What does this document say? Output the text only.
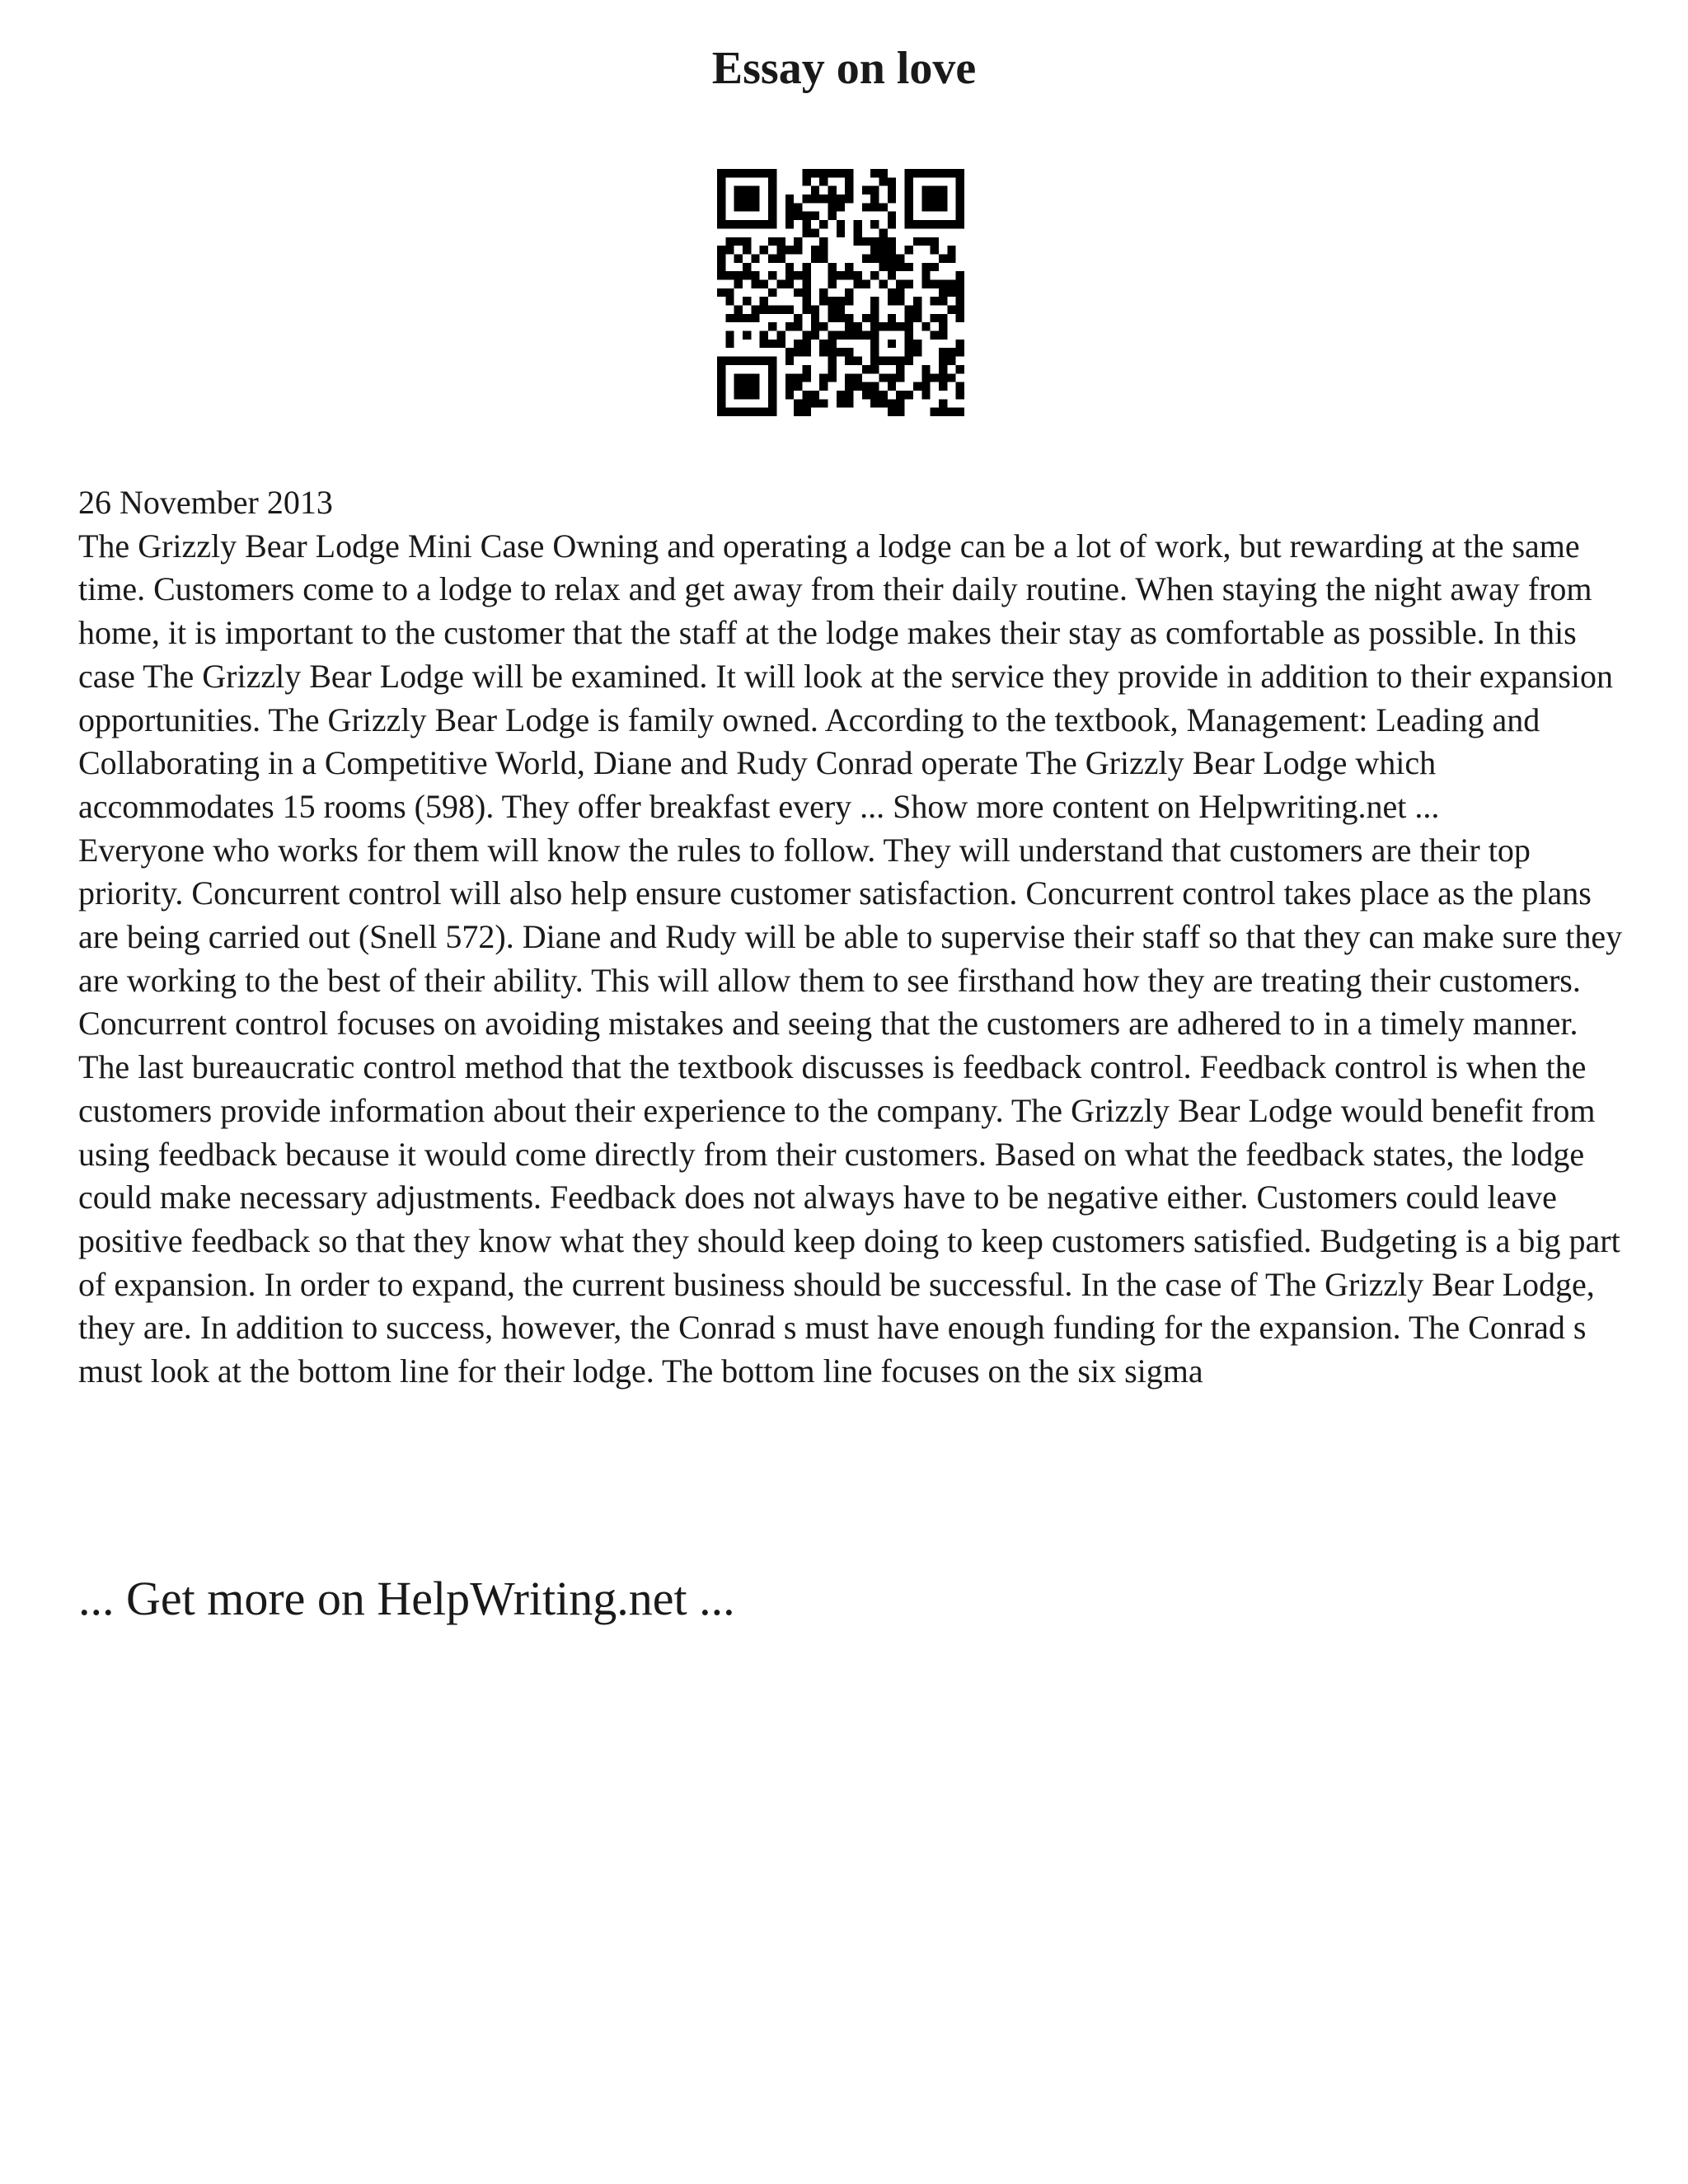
Essay on love
26 November 2013

The Grizzly Bear Lodge Mini Case Owning and operating a lodge can be a lot of work, but rewarding at the same time. Customers come to a lodge to relax and get away from their daily routine. When staying the night away from home, it is important to the customer that the staff at the lodge makes their stay as comfortable as possible. In this case The Grizzly Bear Lodge will be examined. It will look at the service they provide in addition to their expansion opportunities. The Grizzly Bear Lodge is family owned. According to the textbook, Management: Leading and Collaborating in a Competitive World, Diane and Rudy Conrad operate The Grizzly Bear Lodge which accommodates 15 rooms (598). They offer breakfast every ... Show more content on Helpwriting.net ...

Everyone who works for them will know the rules to follow. They will understand that customers are their top priority. Concurrent control will also help ensure customer satisfaction. Concurrent control takes place as the plans are being carried out (Snell 572). Diane and Rudy will be able to supervise their staff so that they can make sure they are working to the best of their ability. This will allow them to see firsthand how they are treating their customers. Concurrent control focuses on avoiding mistakes and seeing that the customers are adhered to in a timely manner. The last bureaucratic control method that the textbook discusses is feedback control. Feedback control is when the customers provide information about their experience to the company. The Grizzly Bear Lodge would benefit from using feedback because it would come directly from their customers. Based on what the feedback states, the lodge could make necessary adjustments. Feedback does not always have to be negative either. Customers could leave positive feedback so that they know what they should keep doing to keep customers satisfied. Budgeting is a big part of expansion. In order to expand, the current business should be successful. In the case of The Grizzly Bear Lodge, they are. In addition to success, however, the Conrad s must have enough funding for the expansion. The Conrad s must look at the bottom line for their lodge. The bottom line focuses on the six sigma

... Get more on HelpWriting.net ...
